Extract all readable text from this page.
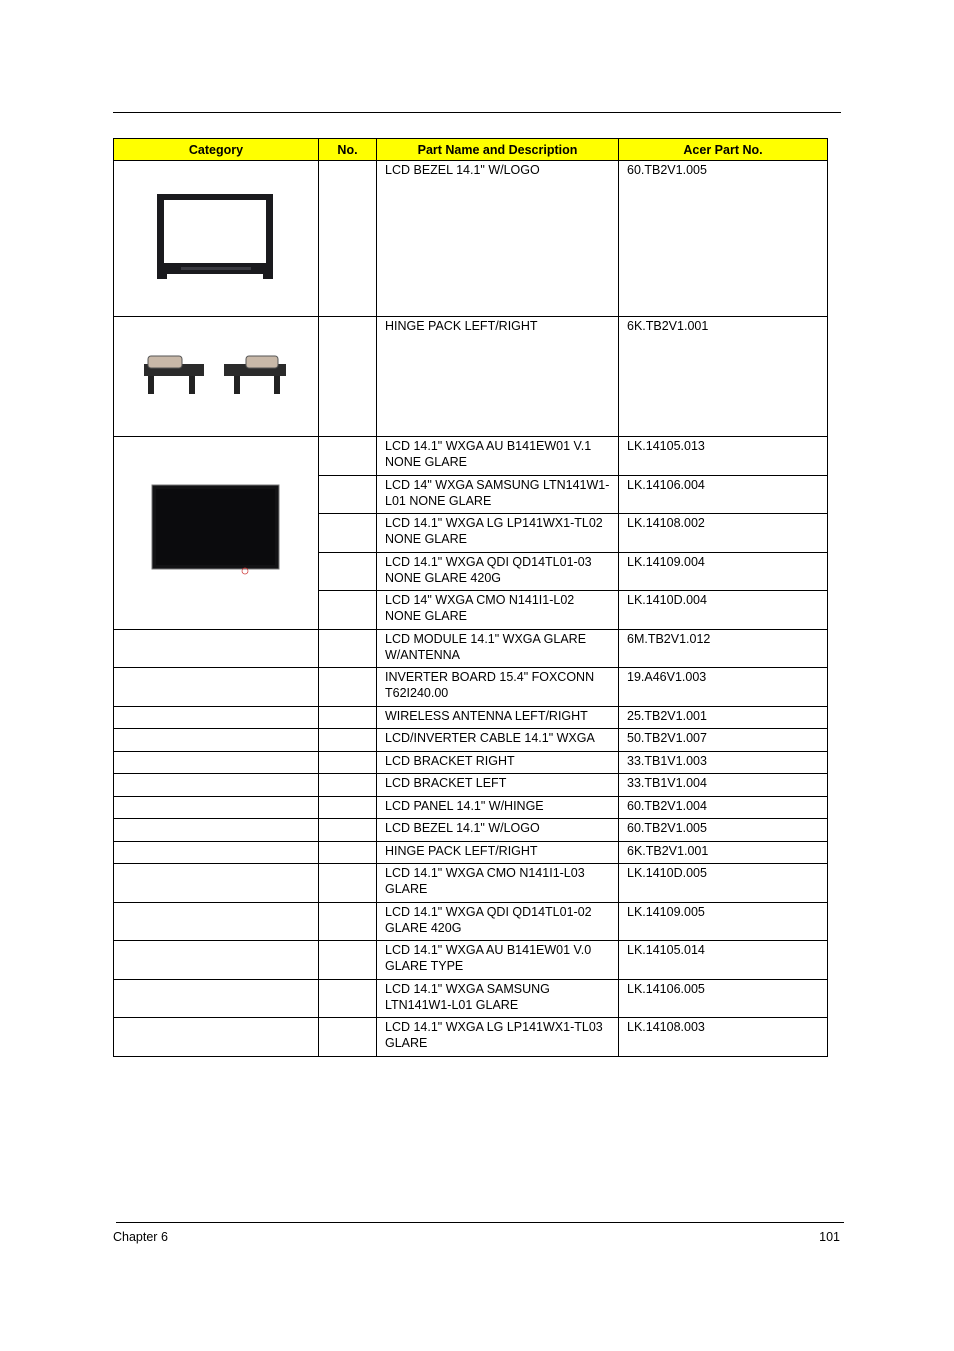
Category	No.	Part Name and Description	Acer Part No.
		LCD BEZEL 14.1" W/LOGO	60.TB2V1.005
		HINGE PACK LEFT/RIGHT	6K.TB2V1.001
		LCD 14.1" WXGA AU B141EW01 V.1 NONE GLARE	LK.14105.013
		LCD 14" WXGA SAMSUNG LTN141W1-L01 NONE GLARE	LK.14106.004
		LCD 14.1" WXGA LG LP141WX1-TL02 NONE GLARE	LK.14108.002
		LCD 14.1" WXGA QDI QD14TL01-03 NONE GLARE 420G	LK.14109.004
		LCD 14" WXGA CMO N141I1-L02 NONE GLARE	LK.1410D.004
		LCD MODULE 14.1" WXGA GLARE W/ANTENNA	6M.TB2V1.012
		INVERTER BOARD 15.4" FOXCONN T62I240.00	19.A46V1.003
		WIRELESS ANTENNA LEFT/RIGHT	25.TB2V1.001
		LCD/INVERTER CABLE 14.1" WXGA	50.TB2V1.007
		LCD BRACKET RIGHT	33.TB1V1.003
		LCD BRACKET LEFT	33.TB1V1.004
		LCD PANEL 14.1" W/HINGE	60.TB2V1.004
		LCD BEZEL 14.1" W/LOGO	60.TB2V1.005
		HINGE PACK LEFT/RIGHT	6K.TB2V1.001
		LCD 14.1" WXGA CMO N141I1-L03 GLARE	LK.1410D.005
		LCD 14.1" WXGA QDI QD14TL01-02 GLARE 420G	LK.14109.005
		LCD 14.1" WXGA AU B141EW01 V.0 GLARE TYPE	LK.14105.014
		LCD 14.1" WXGA SAMSUNG LTN141W1-L01 GLARE	LK.14106.005
		LCD 14.1" WXGA LG LP141WX1-TL03 GLARE	LK.14108.003
Chapter 6	101
